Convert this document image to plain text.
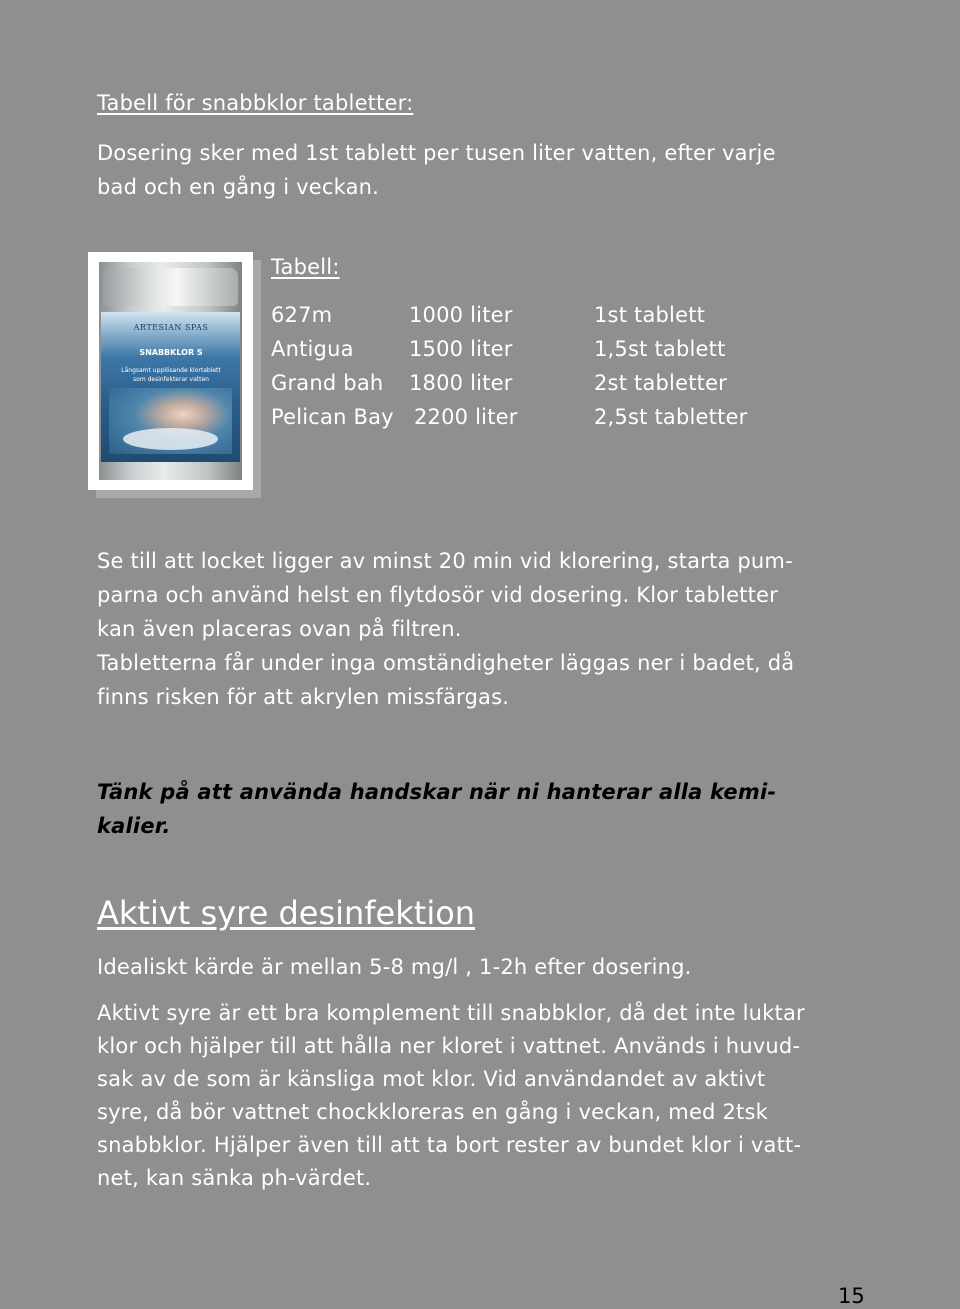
Tabell för snabbklor tabletter:
Dosering sker med 1st tablett per tusen liter vatten, efter varje
bad och en gång i veckan.
ARTESIAN SPAS
SNABBKLOR S
Långsamt upplösande klortablett
som desinfekterar vatten
Tabell:
627m	1000 liter	1st tablett
Antigua	1500 liter	1,5st tablett
Grand bah 1800 liter	2st tabletter
Pelican Bay 2200 liter	2,5st tabletter
Se till att locket ligger av minst 20 min vid klorering, starta pum-
parna och använd helst en flytdosör vid dosering. Klor tabletter
kan även placeras ovan på filtren.
Tabletterna får under inga omständigheter läggas ner i badet, då
finns risken för att akrylen missfärgas.
Tänk på att använda handskar när ni hanterar alla kemi-
kalier.
Aktivt syre desinfektion
Idealiskt kärde är mellan 5-8 mg/l , 1-2h efter dosering.
Aktivt syre är ett bra komplement till snabbklor, då det inte luktar
klor och hjälper till att hålla ner kloret i vattnet. Används i huvud-
sak av de som är känsliga mot klor. Vid användandet av aktivt
syre, då bör vattnet chockkloreras en gång i veckan, med 2tsk
snabbklor. Hjälper även till att ta bort rester av bundet klor i vatt-
net, kan sänka ph-värdet.
15
